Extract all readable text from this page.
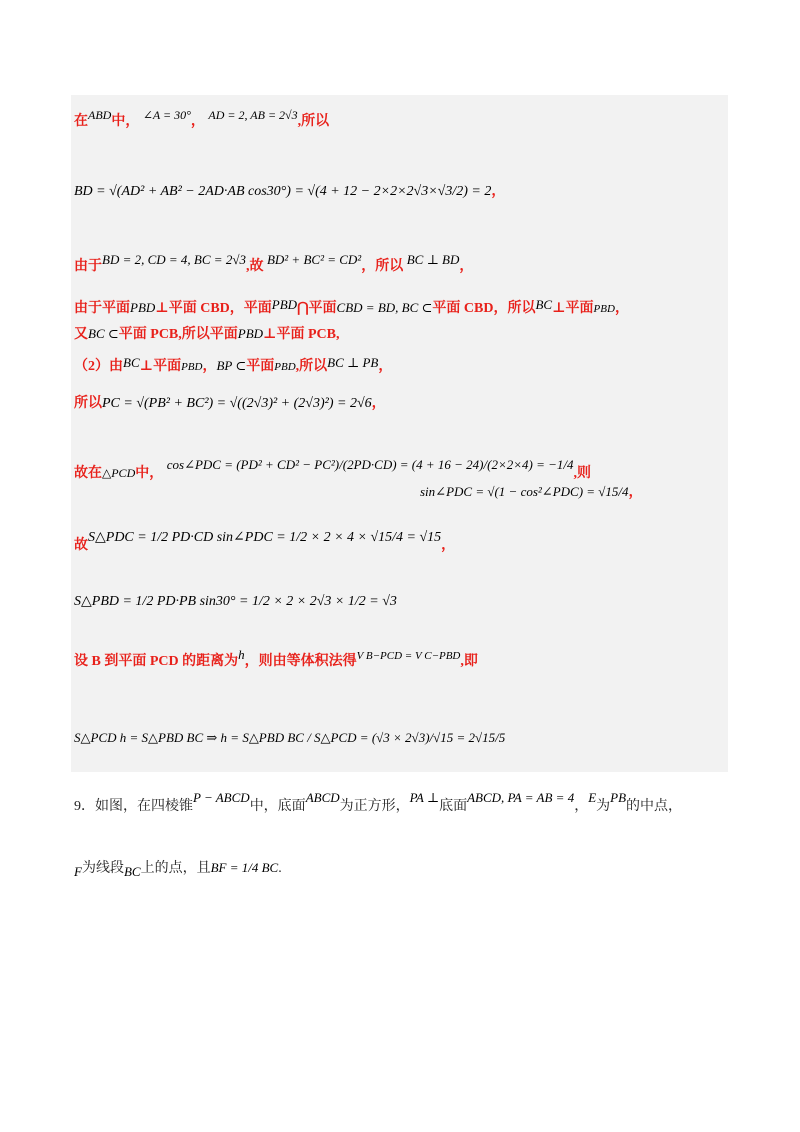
在ABD中， ∠A = 30°， AD = 2, AB = 2√3,所以
BD = √(AD² + AB² − 2AD·AB cos30°) = √(4 + 12 − 2×2×2√3×√3/2) = 2，
由于BD = 2, CD = 4, BC = 2√3,故 BD² + BC² = CD²，所以 BC ⊥ BD，
由于平面PBD⊥平面 CBD，平面PBD⋂平面CBD = BD, BC ⊂平面 CBD，所以BC⊥平面PBD，
又BC ⊂平面 PCB,所以平面PBD⊥平面 PCB,
（2）由BC⊥平面PBD，BP ⊂平面PBD,所以BC ⊥ PB，
所以PC = √(PB² + BC²) = √((2√3)² + (2√3)²) = 2√6，
故在△PCD中， cos∠PDC = (PD² + CD² − PC²)/(2PD·CD) = (4 + 16 − 24)/(2×2×4) = −1/4,则
sin∠PDC = √(1 − cos²∠PDC) = √15/4，
故S△PDC = 1/2 PD·CD sin∠PDC = 1/2 × 2 × 4 × √15/4 = √15，
S△PBD = 1/2 PD·PB sin30° = 1/2 × 2 × 2√3 × 1/2 = √3
设 B 到平面 PCD 的距离为h，则由等体积法得$^{V B-PCD = V C-PBD}$,即
S△PCD h = S△PBD BC ⇒ h = S△PBD BC / S△PCD = (√3 × 2√3)/√15 = 2√15/5
9．如图，在四棱锥P − ABCD中，底面ABCD为正方形，PA ⊥底面ABCD, PA = AB = 4，E为PB的中点，
F为线段BC上的点，且BF = 1/4 BC.
